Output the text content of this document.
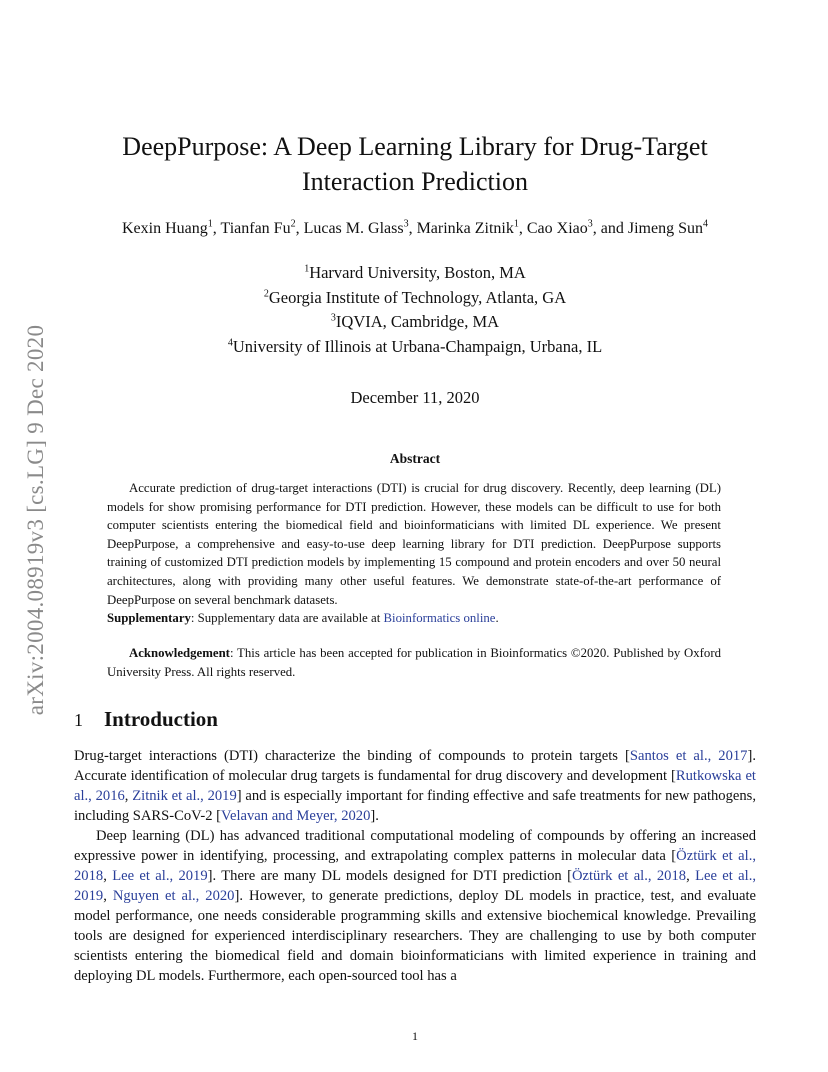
arXiv:2004.08919v3 [cs.LG] 9 Dec 2020
DeepPurpose: A Deep Learning Library for Drug-Target
Interaction Prediction
Kexin Huang$^1$, Tianfan Fu$^2$, Lucas M. Glass$^3$, Marinka Zitnik$^1$, Cao Xiao$^3$, and Jimeng Sun$^4$
$^1$Harvard University, Boston, MA
$^2$Georgia Institute of Technology, Atlanta, GA
$^3$IQVIA, Cambridge, MA
$^4$University of Illinois at Urbana-Champaign, Urbana, IL
December 11, 2020
Abstract

Accurate prediction of drug-target interactions (DTI) is crucial for drug discovery. Recently, deep learning (DL) models for show promising performance for DTI prediction. However, these models can be difficult to use for both computer scientists entering the biomedical field and bioinformaticians with limited DL experience. We present DeepPurpose, a comprehensive and easy-to-use deep learning library for DTI prediction. DeepPurpose supports training of customized DTI prediction models by implementing 15 compound and protein encoders and over 50 neural architectures, along with providing many other useful features. We demonstrate state-of-the-art performance of DeepPurpose on several benchmark datasets.

Supplementary: Supplementary data are available at Bioinformatics online.

Acknowledgement: This article has been accepted for publication in Bioinformatics ©2020. Published by Oxford University Press. All rights reserved.

1 Introduction

Drug-target interactions (DTI) characterize the binding of compounds to protein targets [Santos et al., 2017]. Accurate identification of molecular drug targets is fundamental for drug discovery and development [Rutkowska et al., 2016, Zitnik et al., 2019] and is especially important for finding effective and safe treatments for new pathogens, including SARS-CoV-2 [Velavan and Meyer, 2020].

Deep learning (DL) has advanced traditional computational modeling of compounds by offering an increased expressive power in identifying, processing, and extrapolating complex patterns in molecular data [Öztürk et al., 2018, Lee et al., 2019]. There are many DL models designed for DTI prediction [Öztürk et al., 2018, Lee et al., 2019, Nguyen et al., 2020]. However, to generate predictions, deploy DL models in practice, test, and evaluate model performance, one needs considerable programming skills and extensive biochemical knowledge. Prevailing tools are designed for experienced interdisciplinary researchers. They are challenging to use by both computer scientists entering the biomedical field and domain bioinformaticians with limited experience in training and deploying DL models. Furthermore, each open-sourced tool has a

1
